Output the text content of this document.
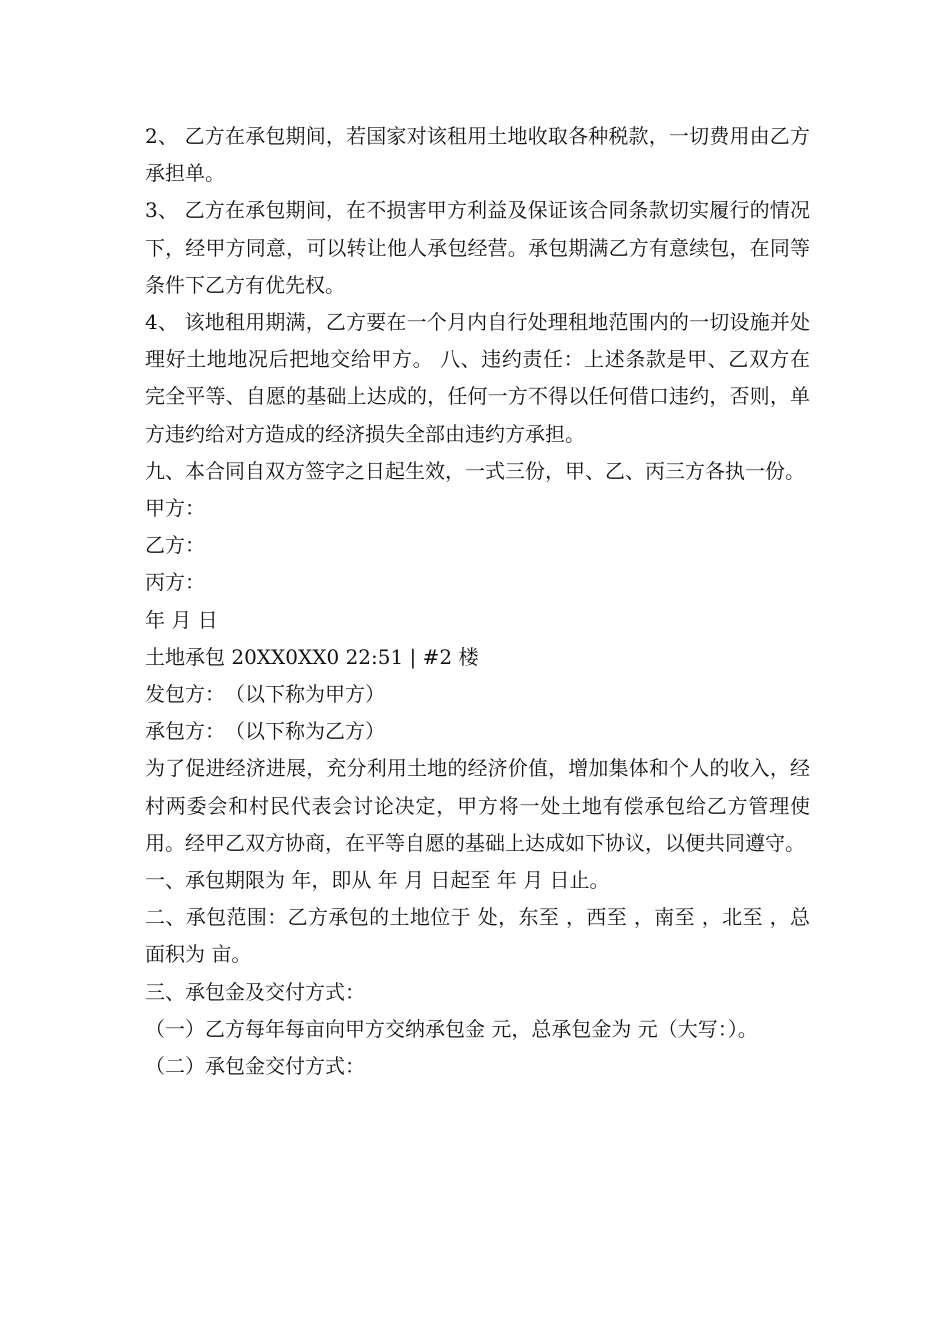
2、 乙方在承包期间，若国家对该租用土地收取各种税款，一切费用由乙方承担单。

3、 乙方在承包期间，在不损害甲方利益及保证该合同条款切实履行的情况下，经甲方同意，可以转让他人承包经营。承包期满乙方有意续包，在同等条件下乙方有优先权。

4、 该地租用期满，乙方要在一个月内自行处理租地范围内的一切设施并处理好土地地况后把地交给甲方。 八、违约责任：上述条款是甲、乙双方在完全平等、自愿的基础上达成的，任何一方不得以任何借口违约，否则，单方违约给对方造成的经济损失全部由违约方承担。

九、本合同自双方签字之日起生效，一式三份，甲、乙、丙三方各执一份。

甲方：

乙方：

丙方：

年 月 日

土地承包 20XX0XX0 22:51 | #2 楼

发包方：　（以下称为甲方）

承包方：　（以下称为乙方）

为了促进经济进展，充分利用土地的经济价值，增加集体和个人的收入，经村两委会和村民代表会讨论决定，甲方将一处土地有偿承包给乙方管理使用。经甲乙双方协商，在平等自愿的基础上达成如下协议，以便共同遵守。

一、承包期限为 年，即从 年 月 日起至 年 月 日止。

二、承包范围：乙方承包的土地位于 处，东至 ，西至 ，南至 ，北至 ，总面积为 亩。

三、承包金及交付方式：

（一）乙方每年每亩向甲方交纳承包金 元，总承包金为 元（大写：）。

（二）承包金交付方式：
